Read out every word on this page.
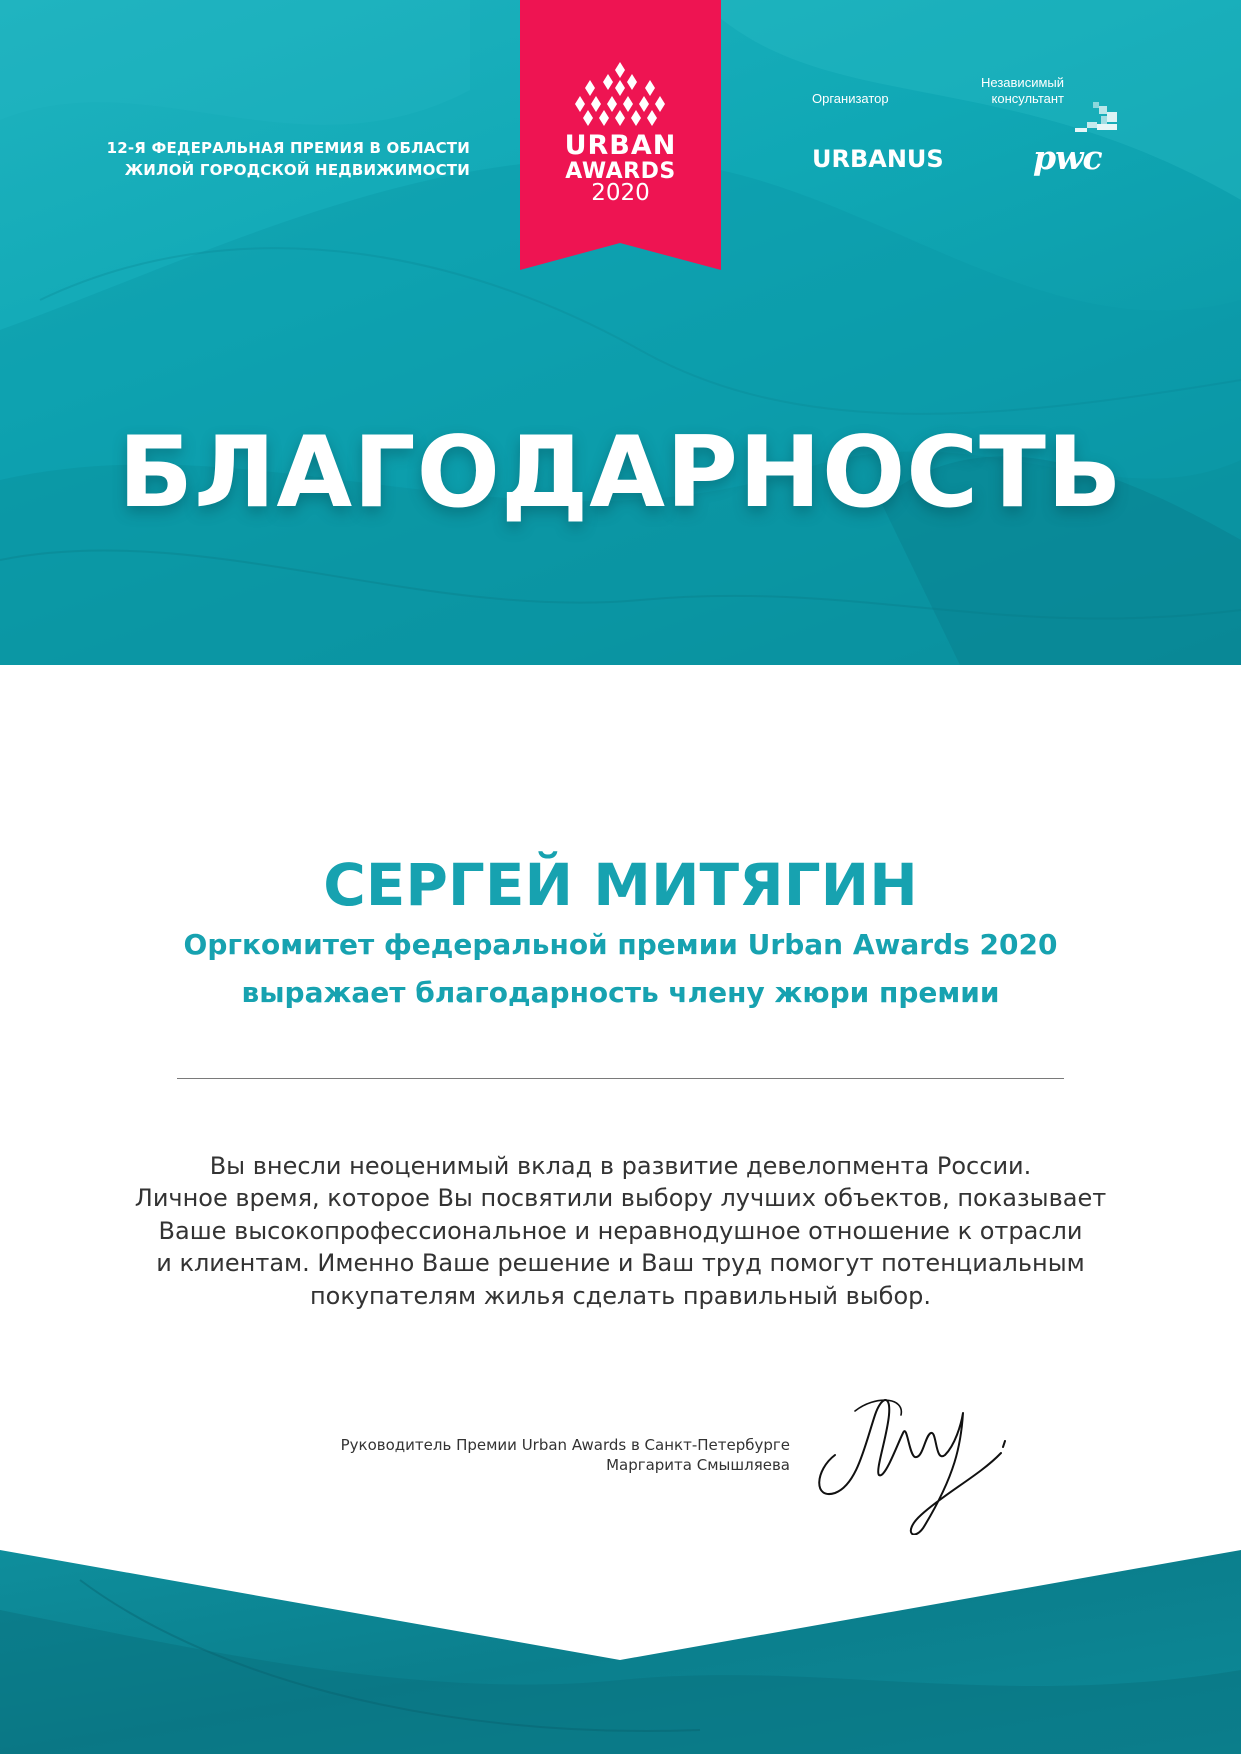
12-Я ФЕДЕРАЛЬНАЯ ПРЕМИЯ В ОБЛАСТИ
ЖИЛОЙ ГОРОДСКОЙ НЕДВИЖИМОСТИ
URBAN
AWARDS
2020
Организатор
URBANUS
Независимый
консультант
pwc
БЛАГОДАРНОСТЬ
СЕРГЕЙ МИТЯГИН
Оргкомитет федеральной премии Urban Awards 2020
выражает благодарность члену жюри премии
Вы внесли неоценимый вклад в развитие девелопмента России.
Личное время, которое Вы посвятили выбору лучших объектов, показывает
Ваше высокопрофессиональное и неравнодушное отношение к отрасли
и клиентам. Именно Ваше решение и Ваш труд помогут потенциальным
покупателям жилья сделать правильный выбор.
Руководитель Премии Urban Awards в Санкт-Петербурге
Маргарита Смышляева
